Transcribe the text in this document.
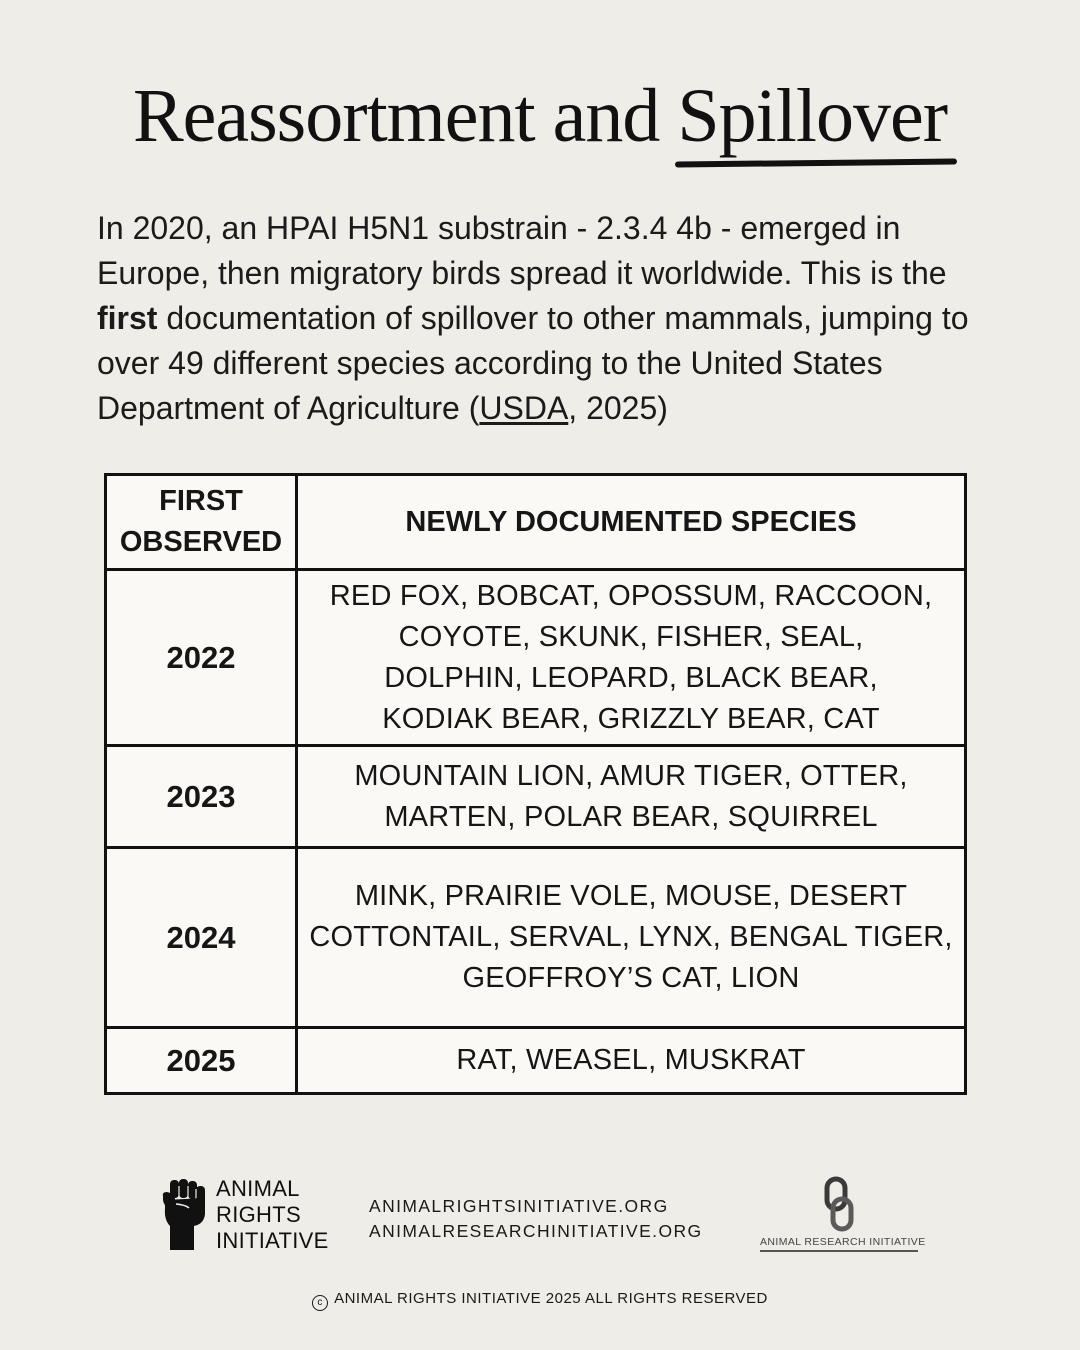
Reassortment and Spillover

In 2020, an HPAI H5N1 substrain - 2.3.4 4b - emerged in Europe, then migratory birds spread it worldwide. This is the first documentation of spillover to other mammals, jumping to over 49 different species according to the United States Department of Agriculture (USDA, 2025)

FIRST OBSERVED	NEWLY DOCUMENTED SPECIES
2022	RED FOX, BOBCAT, OPOSSUM, RACCOON, COYOTE, SKUNK, FISHER, SEAL, DOLPHIN, LEOPARD, BLACK BEAR, KODIAK BEAR, GRIZZLY BEAR, CAT
2023	MOUNTAIN LION, AMUR TIGER, OTTER, MARTEN, POLAR BEAR, SQUIRREL
2024	MINK, PRAIRIE VOLE, MOUSE, DESERT COTTONTAIL, SERVAL, LYNX, BENGAL TIGER, GEOFFROY’S CAT, LION
2025	RAT, WEASEL, MUSKRAT
ANIMAL
RIGHTS
INITIATIVE
ANIMALRIGHTSINITIATIVE.ORG
ANIMALRESEARCHINITIATIVE.ORG
ANIMAL RESEARCH INITIATIVE
c ANIMAL RIGHTS INITIATIVE 2025 ALL RIGHTS RESERVED
